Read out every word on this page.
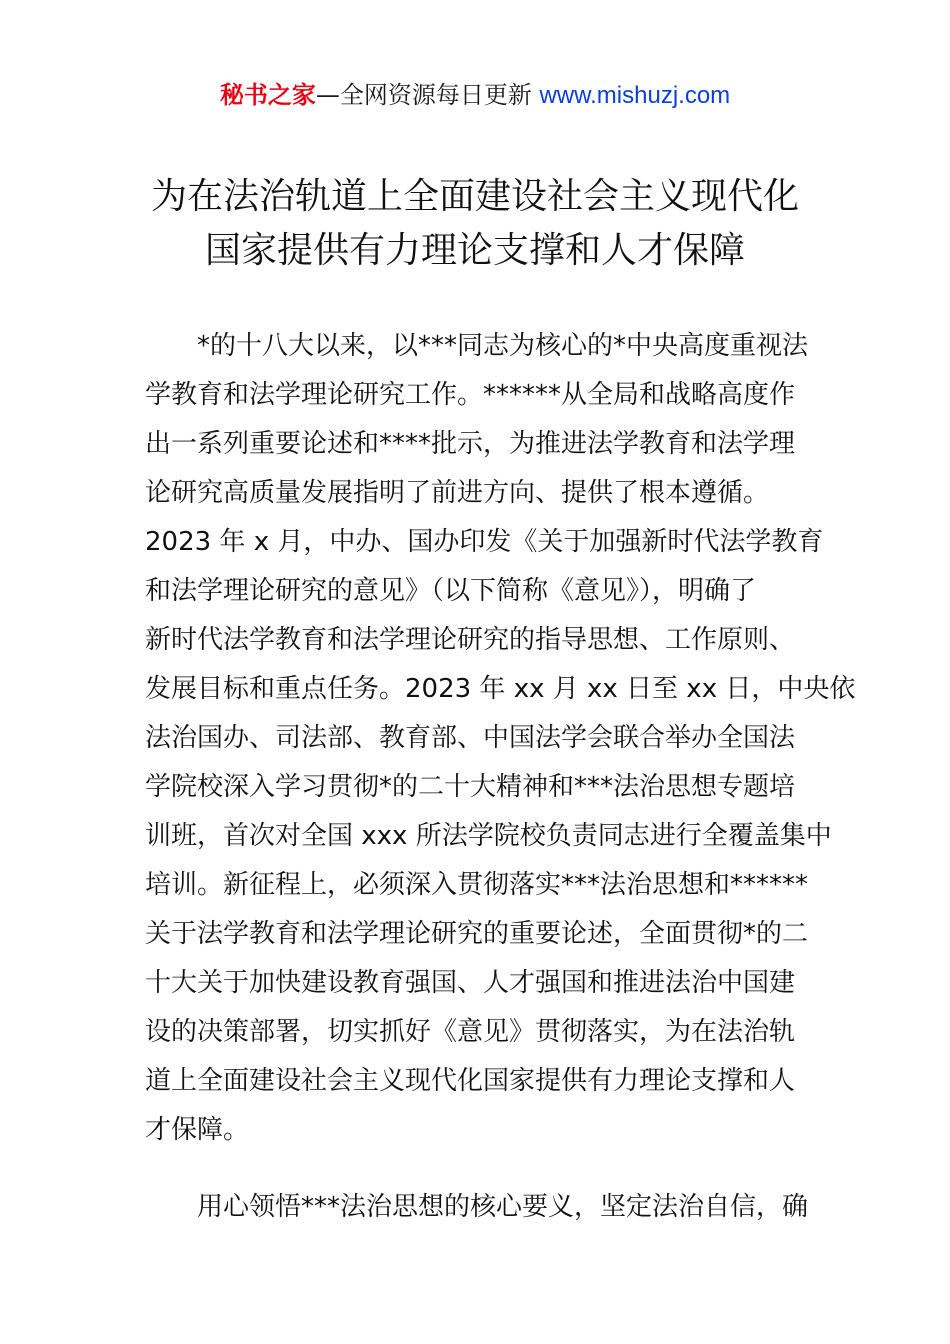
秘书之家—全网资源每日更新 www.mishuzj.com
为在法治轨道上全面建设社会主义现代化
国家提供有力理论支撑和人才保障
*的十八大以来，以***同志为核心的*中央高度重视法
学教育和法学理论研究工作。******从全局和战略高度作
出一系列重要论述和****批示，为推进法学教育和法学理
论研究高质量发展指明了前进方向、提供了根本遵循。
2023 年 x 月，中办、国办印发《关于加强新时代法学教育
和法学理论研究的意见》（以下简称《意见》），明确了
新时代法学教育和法学理论研究的指导思想、工作原则、
发展目标和重点任务。2023 年 xx 月 xx 日至 xx 日，中央依
法治国办、司法部、教育部、中国法学会联合举办全国法
学院校深入学习贯彻*的二十大精神和***法治思想专题培
训班，首次对全国 xxx 所法学院校负责同志进行全覆盖集中
培训。新征程上，必须深入贯彻落实***法治思想和******
关于法学教育和法学理论研究的重要论述，全面贯彻*的二
十大关于加快建设教育强国、人才强国和推进法治中国建
设的决策部署，切实抓好《意见》贯彻落实，为在法治轨
道上全面建设社会主义现代化国家提供有力理论支撑和人
才保障。
用心领悟***法治思想的核心要义，坚定法治自信，确
